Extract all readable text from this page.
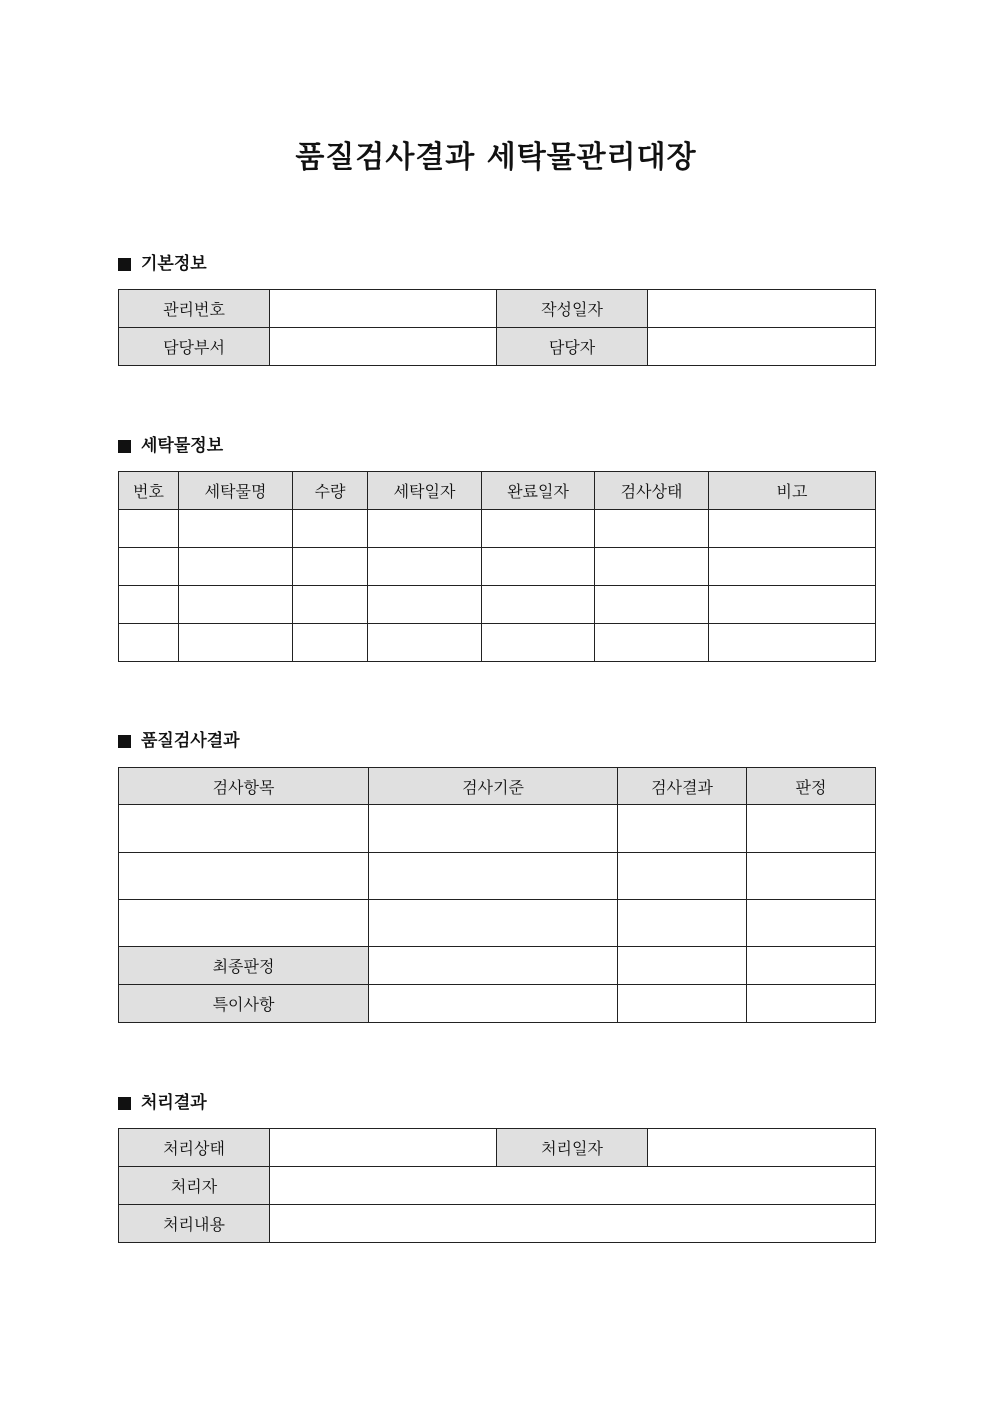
품질검사결과 세탁물관리대장
기본정보
관리번호		작성일자	
담당부서		담당자	
세탁물정보
번호	세탁물명	수량	세탁일자	완료일자	검사상태	비고

품질검사결과
검사항목	검사기준	검사결과	판정

최종판정			
특이사항			
처리결과
처리상태		처리일자	
처리자			
처리내용			
